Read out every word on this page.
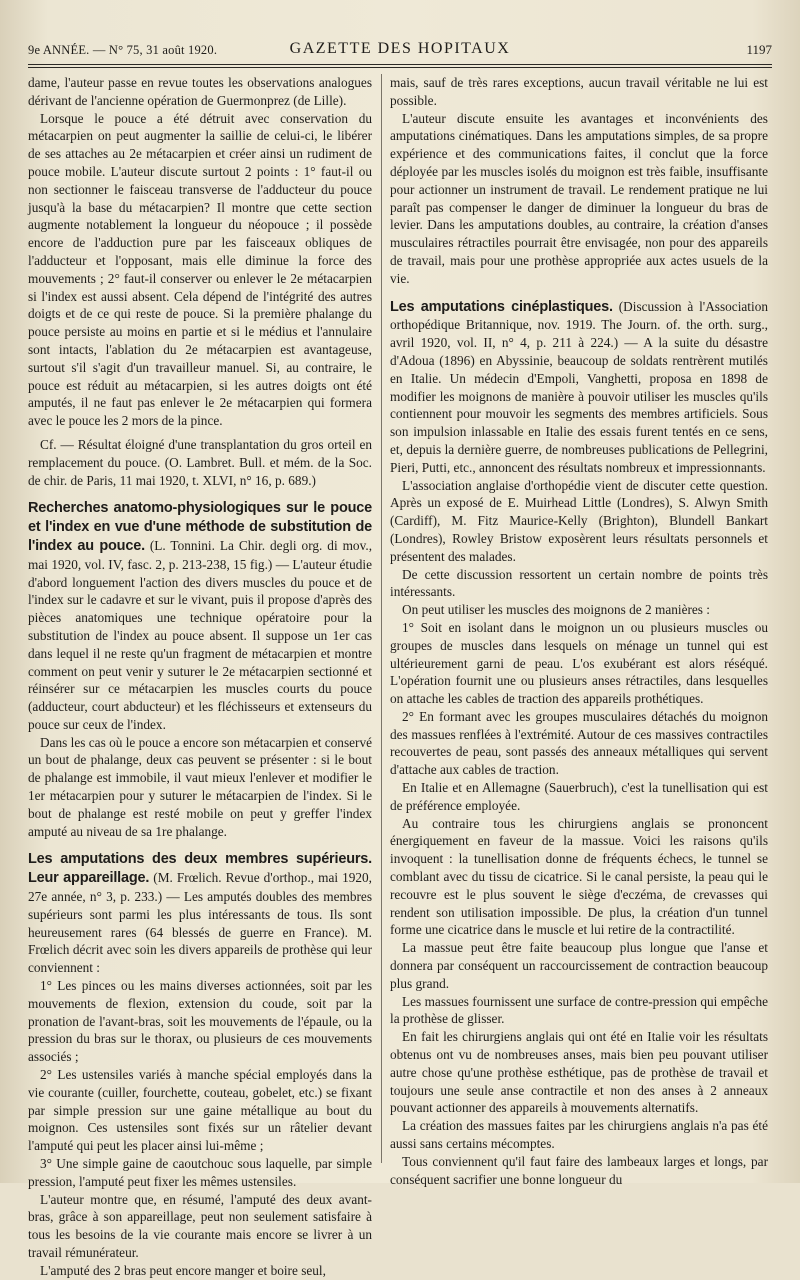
9e ANNÉE. — N° 75, 31 août 1920.	GAZETTE DES HOPITAUX	1197

dame, l'auteur passe en revue toutes les observations analogues dérivant de l'ancienne opération de Guermonprez (de Lille).

Lorsque le pouce a été détruit avec conservation du métacarpien on peut augmenter la saillie de celui-ci, le libérer de ses attaches au 2e métacarpien et créer ainsi un rudiment de pouce mobile. L'auteur discute surtout 2 points : 1° faut-il ou non sectionner le faisceau transverse de l'adducteur du pouce jusqu'à la base du métacarpien? Il montre que cette section augmente notablement la longueur du néopouce ; il possède encore de l'adduction pure par les faisceaux obliques de l'adducteur et l'opposant, mais elle diminue la force des mouvements ; 2° faut-il conserver ou enlever le 2e métacarpien si l'index est aussi absent. Cela dépend de l'intégrité des autres doigts et de ce qui reste de pouce. Si la première phalange du pouce persiste au moins en partie et si le médius et l'annulaire sont intacts, l'ablation du 2e métacarpien est avantageuse, surtout s'il s'agit d'un travailleur manuel. Si, au contraire, le pouce est réduit au métacarpien, si les autres doigts ont été amputés, il ne faut pas enlever le 2e métacarpien qui formera avec le pouce les 2 mors de la pince.

Cf. — Résultat éloigné d'une transplantation du gros orteil en remplacement du pouce. (O. Lambret. Bull. et mém. de la Soc. de chir. de Paris, 11 mai 1920, t. XLVI, n° 16, p. 689.)

Recherches anatomo-physiologiques sur le pouce et l'index en vue d'une méthode de substitution de l'index au pouce. (L. Tonnini. La Chir. degli org. di mov., mai 1920, vol. IV, fasc. 2, p. 213-238, 15 fig.) — L'auteur étudie d'abord longuement l'action des divers muscles du pouce et de l'index sur le cadavre et sur le vivant, puis il propose d'après des pièces anatomiques une technique opératoire pour la substitution de l'index au pouce absent. Il suppose un 1er cas dans lequel il ne reste qu'un fragment de métacarpien et montre comment on peut venir y suturer le 2e métacarpien sectionné et réinsérer sur ce métacarpien les muscles courts du pouce (adducteur, court abducteur) et les fléchisseurs et extenseurs du pouce sur ceux de l'index.

Dans les cas où le pouce a encore son métacarpien et conservé un bout de phalange, deux cas peuvent se présenter : si le bout de phalange est immobile, il vaut mieux l'enlever et modifier le 1er métacarpien pour y suturer le métacarpien de l'index. Si le bout de phalange est resté mobile on peut y greffer l'index amputé au niveau de sa 1re phalange.

Les amputations des deux membres supérieurs. Leur appareillage. (M. Frœlich. Revue d'orthop., mai 1920, 27e année, n° 3, p. 233.) — Les amputés doubles des membres supérieurs sont parmi les plus intéressants de tous. Ils sont heureusement rares (64 blessés de guerre en France). M. Frœlich décrit avec soin les divers appareils de prothèse qui leur conviennent :

1° Les pinces ou les mains diverses actionnées, soit par les mouvements de flexion, extension du coude, soit par la pronation de l'avant-bras, soit les mouvements de l'épaule, ou la pression du bras sur le thorax, ou plusieurs de ces mouvements associés ;

2° Les ustensiles variés à manche spécial employés dans la vie courante (cuiller, fourchette, couteau, gobelet, etc.) se fixant par simple pression sur une gaine métallique au bout du moignon. Ces ustensiles sont fixés sur un râtelier devant l'amputé qui peut les placer ainsi lui-même ;

3° Une simple gaine de caoutchouc sous laquelle, par simple pression, l'amputé peut fixer les mêmes ustensiles.

L'auteur montre que, en résumé, l'amputé des deux avant-bras, grâce à son appareillage, peut non seulement satisfaire à tous les besoins de la vie courante mais encore se livrer à un travail rémunérateur.

L'amputé des 2 bras peut encore manger et boire seul,

mais, sauf de très rares exceptions, aucun travail véritable ne lui est possible.

L'auteur discute ensuite les avantages et inconvénients des amputations cinématiques. Dans les amputations simples, de sa propre expérience et des communications faites, il conclut que la force déployée par les muscles isolés du moignon est très faible, insuffisante pour actionner un instrument de travail. Le rendement pratique ne lui paraît pas compenser le danger de diminuer la longueur du bras de levier. Dans les amputations doubles, au contraire, la création d'anses musculaires rétractiles pourrait être envisagée, non pour des appareils de travail, mais pour une prothèse appropriée aux actes usuels de la vie.

Les amputations cinéplastiques. (Discussion à l'Association orthopédique Britannique, nov. 1919. The Journ. of. the orth. surg., avril 1920, vol. II, n° 4, p. 211 à 224.) — A la suite du désastre d'Adoua (1896) en Abyssinie, beaucoup de soldats rentrèrent mutilés en Italie. Un médecin d'Empoli, Vanghetti, proposa en 1898 de modifier les moignons de manière à pouvoir utiliser les muscles qu'ils contiennent pour mouvoir les segments des membres artificiels. Sous son impulsion inlassable en Italie des essais furent tentés en ce sens, et, depuis la dernière guerre, de nombreuses publications de Pellegrini, Pieri, Putti, etc., annoncent des résultats nombreux et impressionnants.

L'association anglaise d'orthopédie vient de discuter cette question. Après un exposé de E. Muirhead Little (Londres), S. Alwyn Smith (Cardiff), M. Fitz Maurice-Kelly (Brighton), Blundell Bankart (Londres), Rowley Bristow exposèrent leurs résultats personnels et présentent des malades.

De cette discussion ressortent un certain nombre de points très intéressants.

On peut utiliser les muscles des moignons de 2 manières :

1° Soit en isolant dans le moignon un ou plusieurs muscles ou groupes de muscles dans lesquels on ménage un tunnel qui est ultérieurement garni de peau. L'os exubérant est alors réséqué. L'opération fournit une ou plusieurs anses rétractiles, dans lesquelles on attache les cables de traction des appareils prothétiques.

2° En formant avec les groupes musculaires détachés du moignon des massues renflées à l'extrémité. Autour de ces massives contractiles recouvertes de peau, sont passés des anneaux métalliques qui servent d'attache aux cables de traction.

En Italie et en Allemagne (Sauerbruch), c'est la tunellisation qui est de préférence employée.

Au contraire tous les chirurgiens anglais se prononcent énergiquement en faveur de la massue. Voici les raisons qu'ils invoquent : la tunellisation donne de fréquents échecs, le tunnel se comblant avec du tissu de cicatrice. Si le canal persiste, la peau qui le recouvre est le plus souvent le siège d'eczéma, de crevasses qui rendent son utilisation impossible. De plus, la création d'un tunnel forme une cicatrice dans le muscle et lui retire de la contractilité.

La massue peut être faite beaucoup plus longue que l'anse et donnera par conséquent un raccourcissement de contraction beaucoup plus grand.

Les massues fournissent une surface de contre-pression qui empêche la prothèse de glisser.

En fait les chirurgiens anglais qui ont été en Italie voir les résultats obtenus ont vu de nombreuses anses, mais bien peu pouvant utiliser autre chose qu'une prothèse esthétique, pas de prothèse de travail et toujours une seule anse contractile et non des anses à 2 anneaux pouvant actionner des appareils à mouvements alternatifs.

La création des massues faites par les chirurgiens anglais n'a pas été aussi sans certains mécomptes.

Tous conviennent qu'il faut faire des lambeaux larges et longs, par conséquent sacrifier une bonne longueur du
